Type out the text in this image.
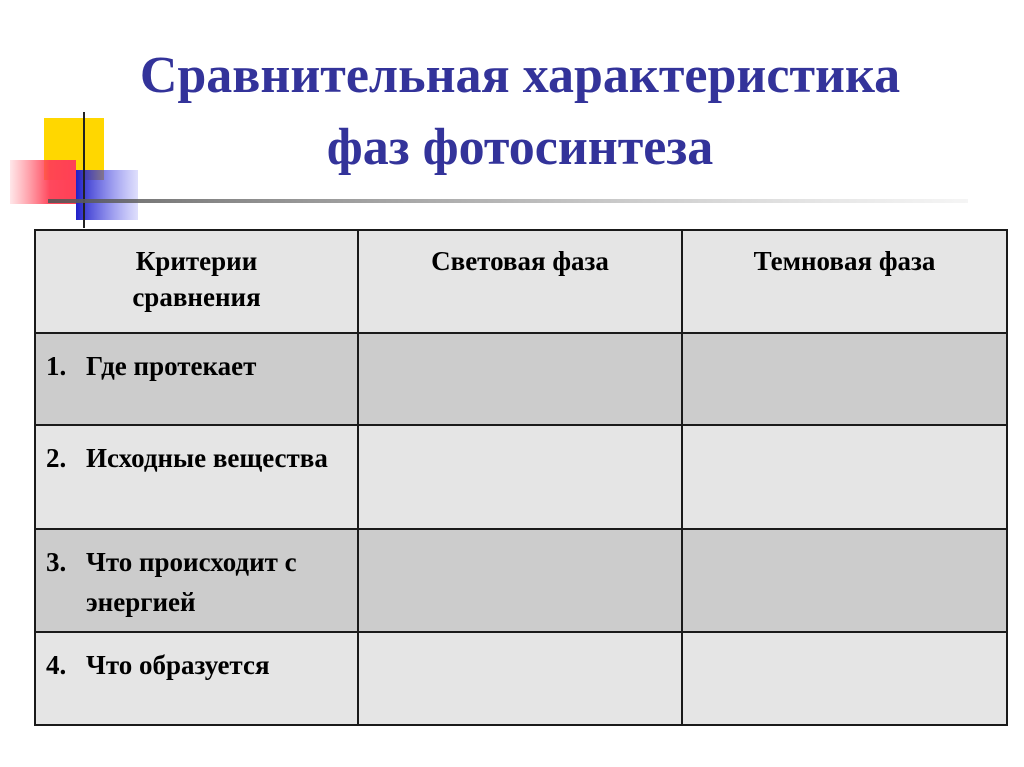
Сравнительная характеристика
фаз фотосинтеза
Критерии сравнения	Световая фаза	Темновая фаза

1. Где протекает		

2. Исходные вещества		

3. Что происходит с энергией		

4. Что образуется		
